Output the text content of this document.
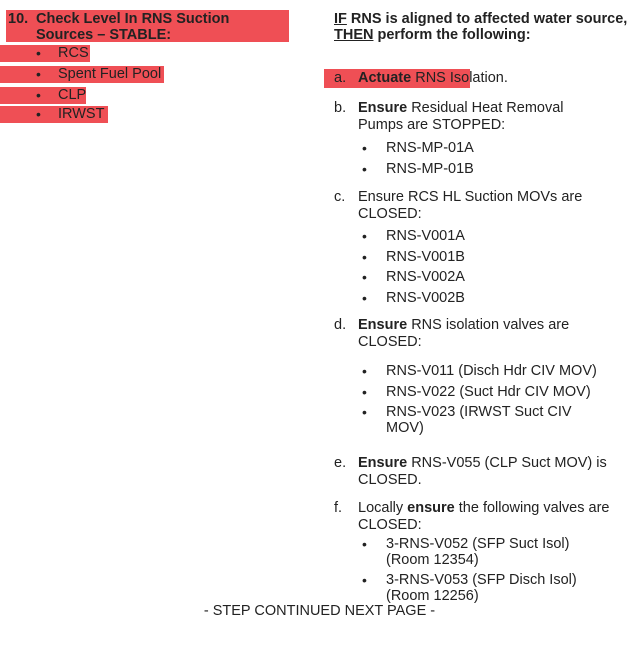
10. Check Level In RNS Suction Sources – STABLE:
• RCS
• Spent Fuel Pool
• CLP
• IRWST
IF RNS is aligned to affected water source,
THEN perform the following:
a. Actuate RNS Isolation.
b. Ensure Residual Heat Removal Pumps are STOPPED:
• RNS-MP-01A
• RNS-MP-01B
c. Ensure RCS HL Suction MOVs are CLOSED:
• RNS-V001A
• RNS-V001B
• RNS-V002A
• RNS-V002B
d. Ensure RNS isolation valves are CLOSED:
• RNS-V011 (Disch Hdr CIV MOV)
• RNS-V022 (Suct Hdr CIV MOV)
• RNS-V023 (IRWST Suct CIV MOV)
e. Ensure RNS-V055 (CLP Suct MOV) is CLOSED.
f. Locally ensure the following valves are CLOSED:
• 3-RNS-V052 (SFP Suct Isol) (Room 12354)
• 3-RNS-V053 (SFP Disch Isol) (Room 12256)
- STEP CONTINUED NEXT PAGE -
